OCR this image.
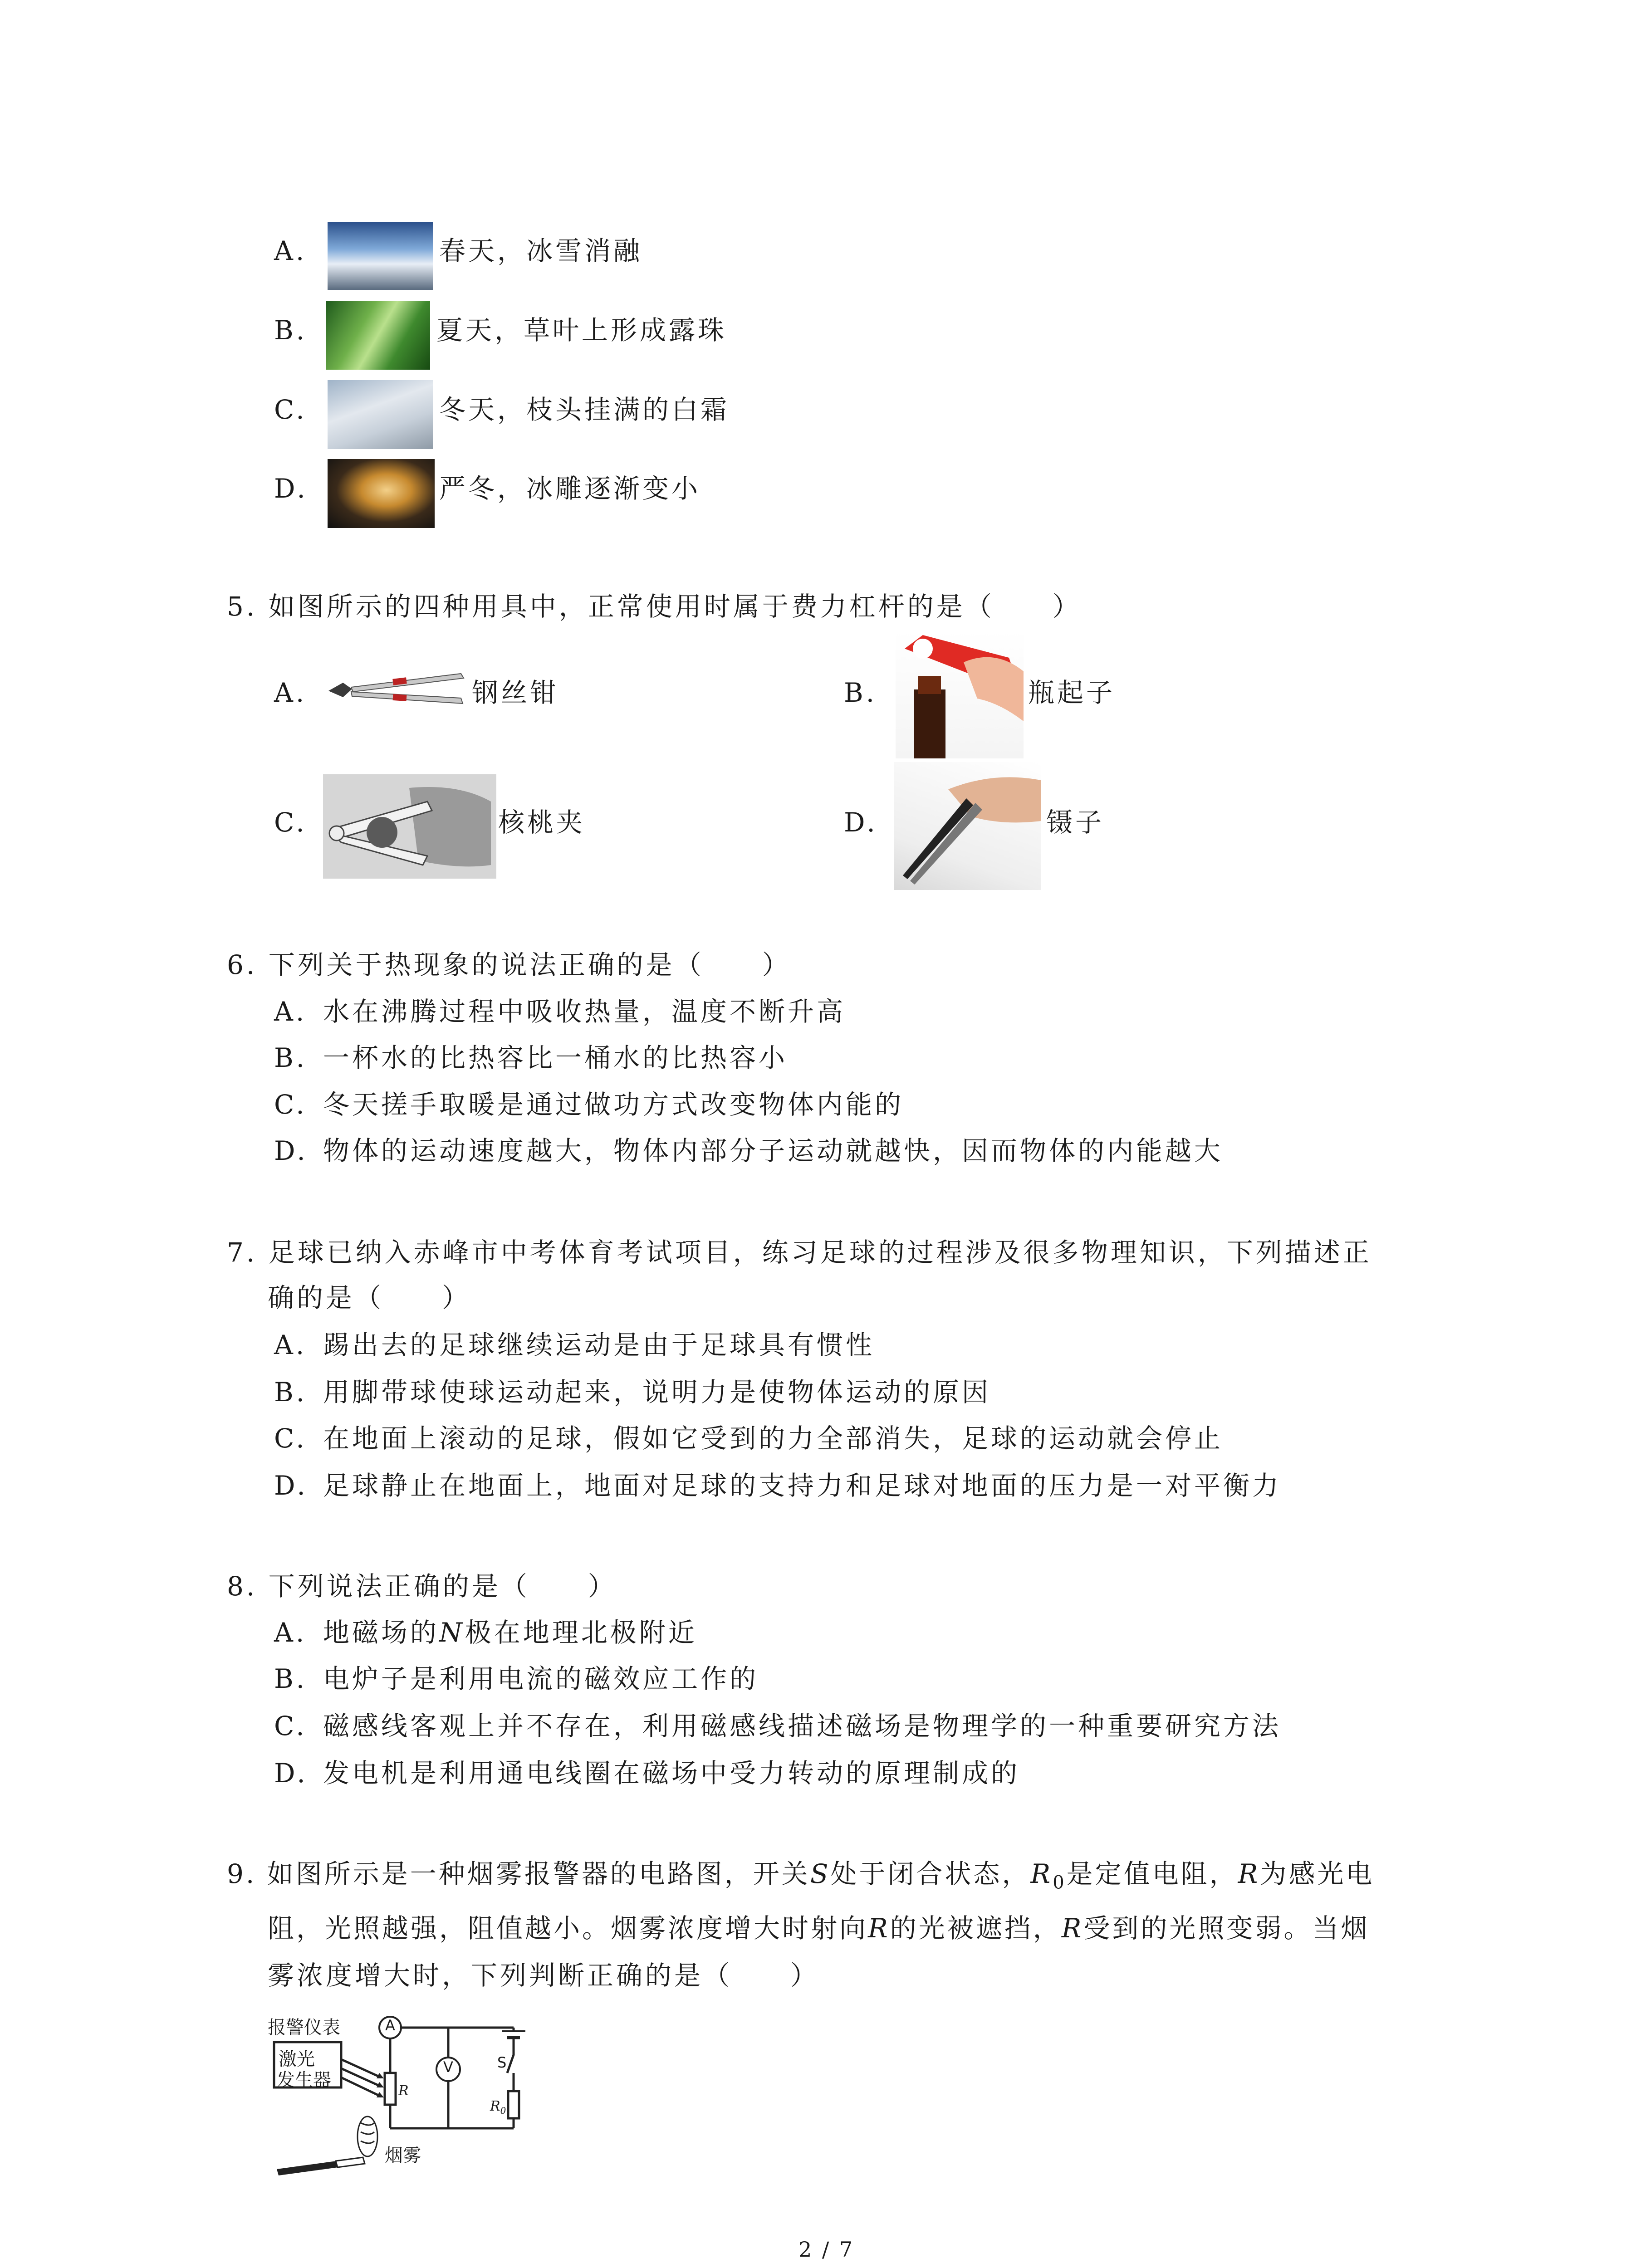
A.	春天，冰雪消融
B.	夏天，草叶上形成露珠
C.	冬天，枝头挂满的白霜
D.	严冬，冰雕逐渐变小
5. 如图所示的四种用具中，正常使用时属于费力杠杆的是（　　）
A.	钢丝钳	B.	瓶起子
C.	核桃夹	D.	镊子
6. 下列关于热现象的说法正确的是（　　）
A. 水在沸腾过程中吸收热量，温度不断升高
B. 一杯水的比热容比一桶水的比热容小
C. 冬天搓手取暖是通过做功方式改变物体内能的
D. 物体的运动速度越大，物体内部分子运动就越快，因而物体的内能越大
7. 足球已纳入赤峰市中考体育考试项目，练习足球的过程涉及很多物理知识，下列描述正
确的是（　　）
A. 踢出去的足球继续运动是由于足球具有惯性
B. 用脚带球使球运动起来，说明力是使物体运动的原因
C. 在地面上滚动的足球，假如它受到的力全部消失，足球的运动就会停止
D. 足球静止在地面上，地面对足球的支持力和足球对地面的压力是一对平衡力
8. 下列说法正确的是（　　）
A. 地磁场的N极在地理北极附近
B. 电炉子是利用电流的磁效应工作的
C. 磁感线客观上并不存在，利用磁感线描述磁场是物理学的一种重要研究方法
D. 发电机是利用通电线圈在磁场中受力转动的原理制成的
9. 如图所示是一种烟雾报警器的电路图，开关S处于闭合状态，$R_0$是定值电阻，R为感光电
阻，光照越强，阻值越小。烟雾浓度增大时射向R的光被遮挡，R受到的光照变弱。当烟
雾浓度增大时，下列判断正确的是（　　）
报警仪表	A
V	S
激光
发生器
R
$R_0$
烟雾
2 / 7
